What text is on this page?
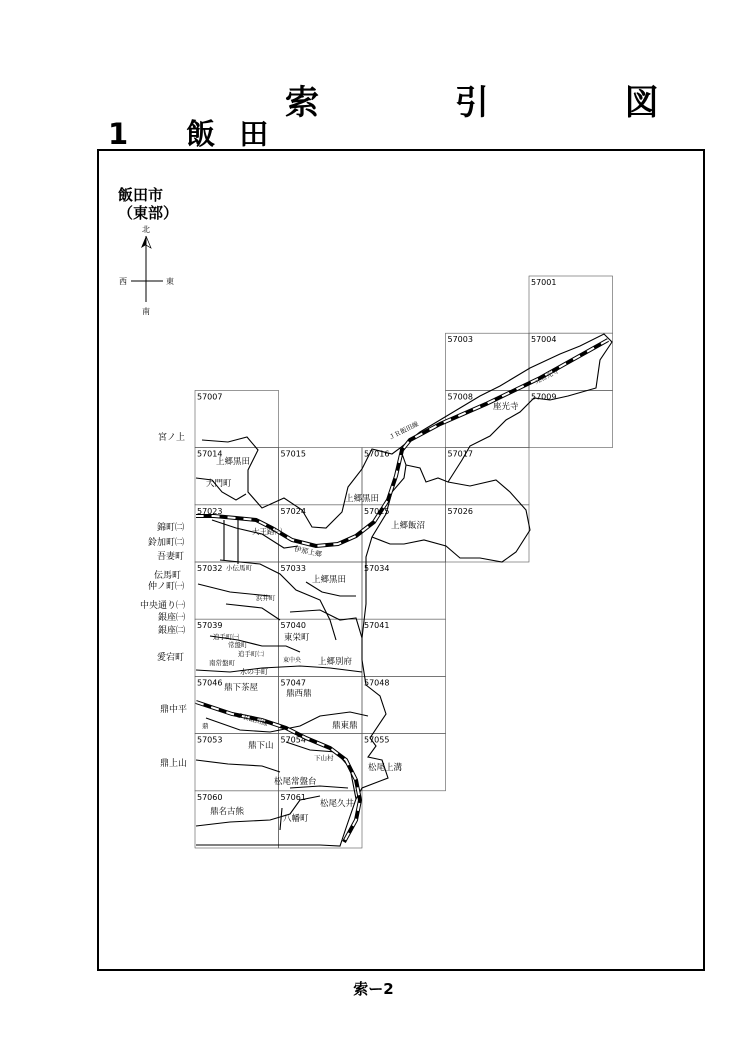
索 引 図
1 飯田
飯田市
（東部）
北
南
西	東	57001
57003	57004
57007	57008	57009
57014	57015	57016	57017
57023	57024	57025	57026
57032	57033	57034
57039	57040	57041
57046	57047	57048
57053	57054	57055
57060	57061
宮ノ上
錦町㈡
鈴加町㈡
吾妻町
伝馬町
仲ノ町㈠
中央通り㈠
銀座㈠
銀座㈡
愛宕町
鼎中平
鼎上山
上郷黒田
大門町
座光寺
元善光寺
上郷黒田
上郷飯沼
大王路㈠
伊那上郷
上郷黒田
小伝馬町
浜井町
東栄町
上郷別府
追手町㈠
常盤町
追手町㈡
南常盤町
水の手町
東中央
鼎下茶屋
鼎西鼎
鼎東鼎
鼎下山
下山村
松尾上溝
松尾常盤台
松尾久井
鼎名古熊
八幡町
鼎
ＪＲ飯田線
ＪＲ飯田線
索ー2
